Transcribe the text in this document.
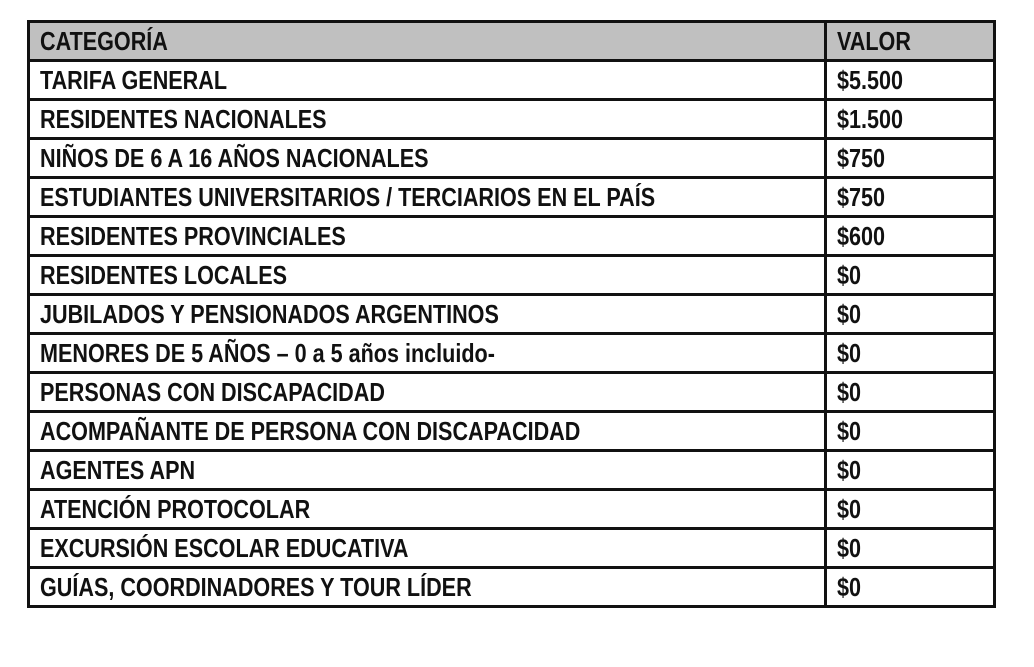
CATEGORÍA	VALOR
TARIFA GENERAL	$5.500
RESIDENTES NACIONALES	$1.500
NIÑOS DE 6 A 16 AÑOS NACIONALES	$750
ESTUDIANTES UNIVERSITARIOS / TERCIARIOS EN EL PAÍS	$750
RESIDENTES PROVINCIALES	$600
RESIDENTES LOCALES	$0
JUBILADOS Y PENSIONADOS ARGENTINOS	$0
MENORES DE 5 AÑOS – 0 a 5 años incluido-	$0
PERSONAS CON DISCAPACIDAD	$0
ACOMPAÑANTE DE PERSONA CON DISCAPACIDAD	$0
AGENTES APN	$0
ATENCIÓN PROTOCOLAR	$0
EXCURSIÓN ESCOLAR EDUCATIVA	$0
GUÍAS, COORDINADORES Y TOUR LÍDER	$0
